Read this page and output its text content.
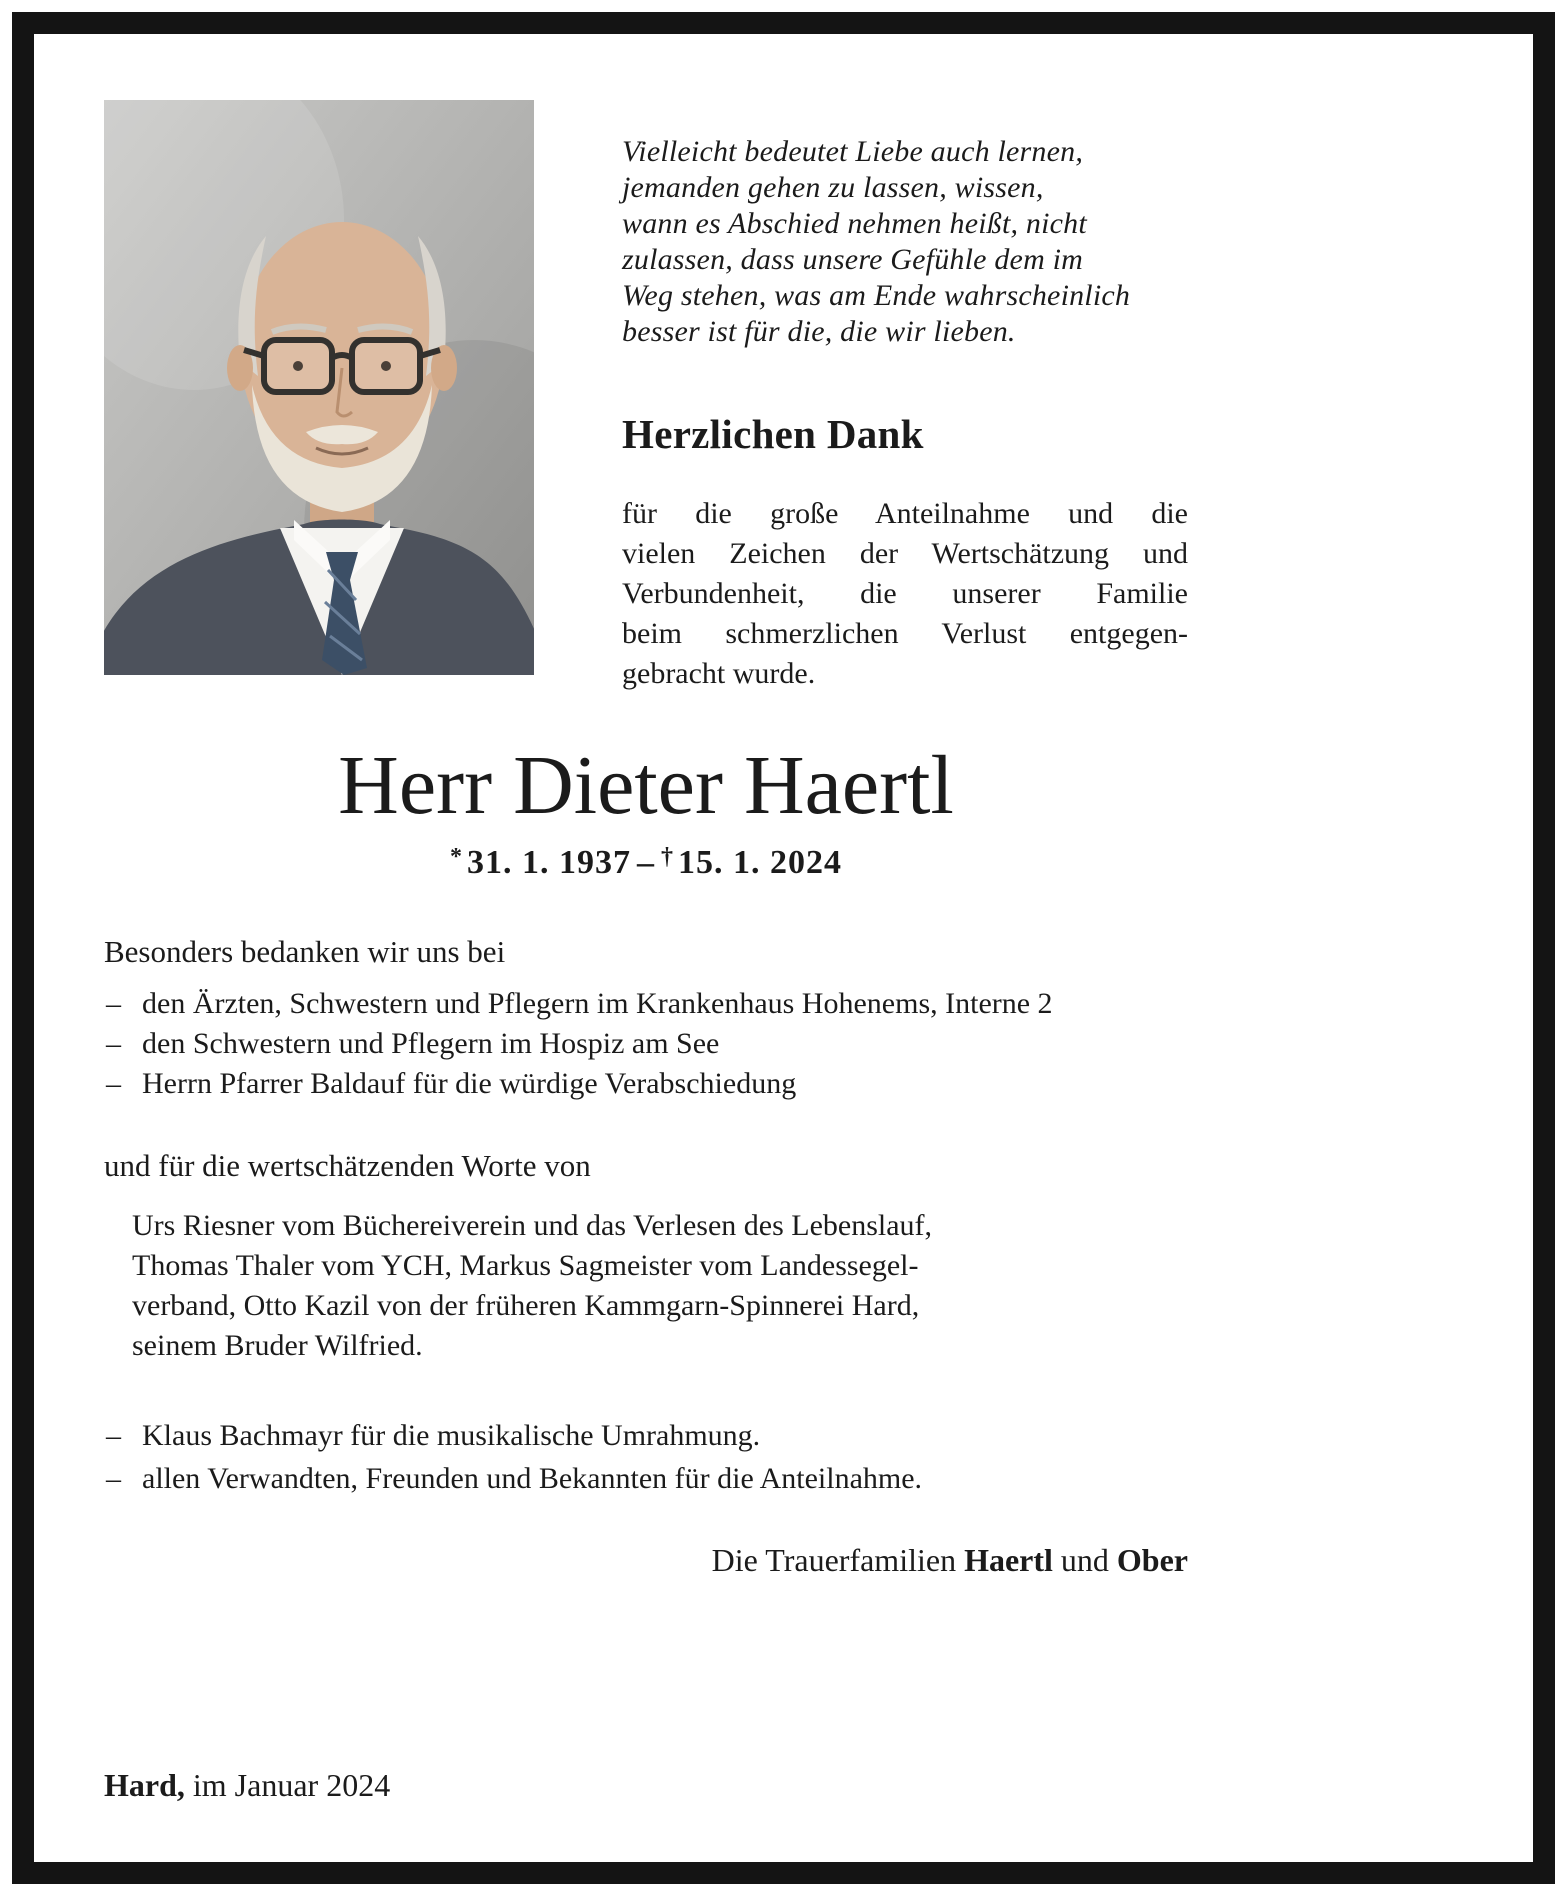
Vielleicht bedeutet Liebe auch lernen,
jemanden gehen zu lassen, wissen,
wann es Abschied nehmen heißt, nicht
zulassen, dass unsere Gefühle dem im
Weg stehen, was am Ende wahrscheinlich
besser ist für die, die wir lieben.
Herzlichen Dank
für die große Anteilnahme und die
vielen Zeichen der Wertschätzung und
Verbundenheit, die unserer Familie
beim schmerzlichen Verlust entgegen-
gebracht wurde.
Herr Dieter Haertl
* 31. 1. 1937 – † 15. 1. 2024
Besonders bedanken wir uns bei
– den Ärzten, Schwestern und Pflegern im Krankenhaus Hohenems, Interne 2
– den Schwestern und Pflegern im Hospiz am See
– Herrn Pfarrer Baldauf für die würdige Verabschiedung
und für die wertschätzenden Worte von
Urs Riesner vom Büchereiverein und das Verlesen des Lebenslauf,
Thomas Thaler vom YCH, Markus Sagmeister vom Landessegel-
verband, Otto Kazil von der früheren Kammgarn-Spinnerei Hard,
seinem Bruder Wilfried.
– Klaus Bachmayr für die musikalische Umrahmung.
– allen Verwandten, Freunden und Bekannten für die Anteilnahme.
Die Trauerfamilien Haertl und Ober
Hard, im Januar 2024
